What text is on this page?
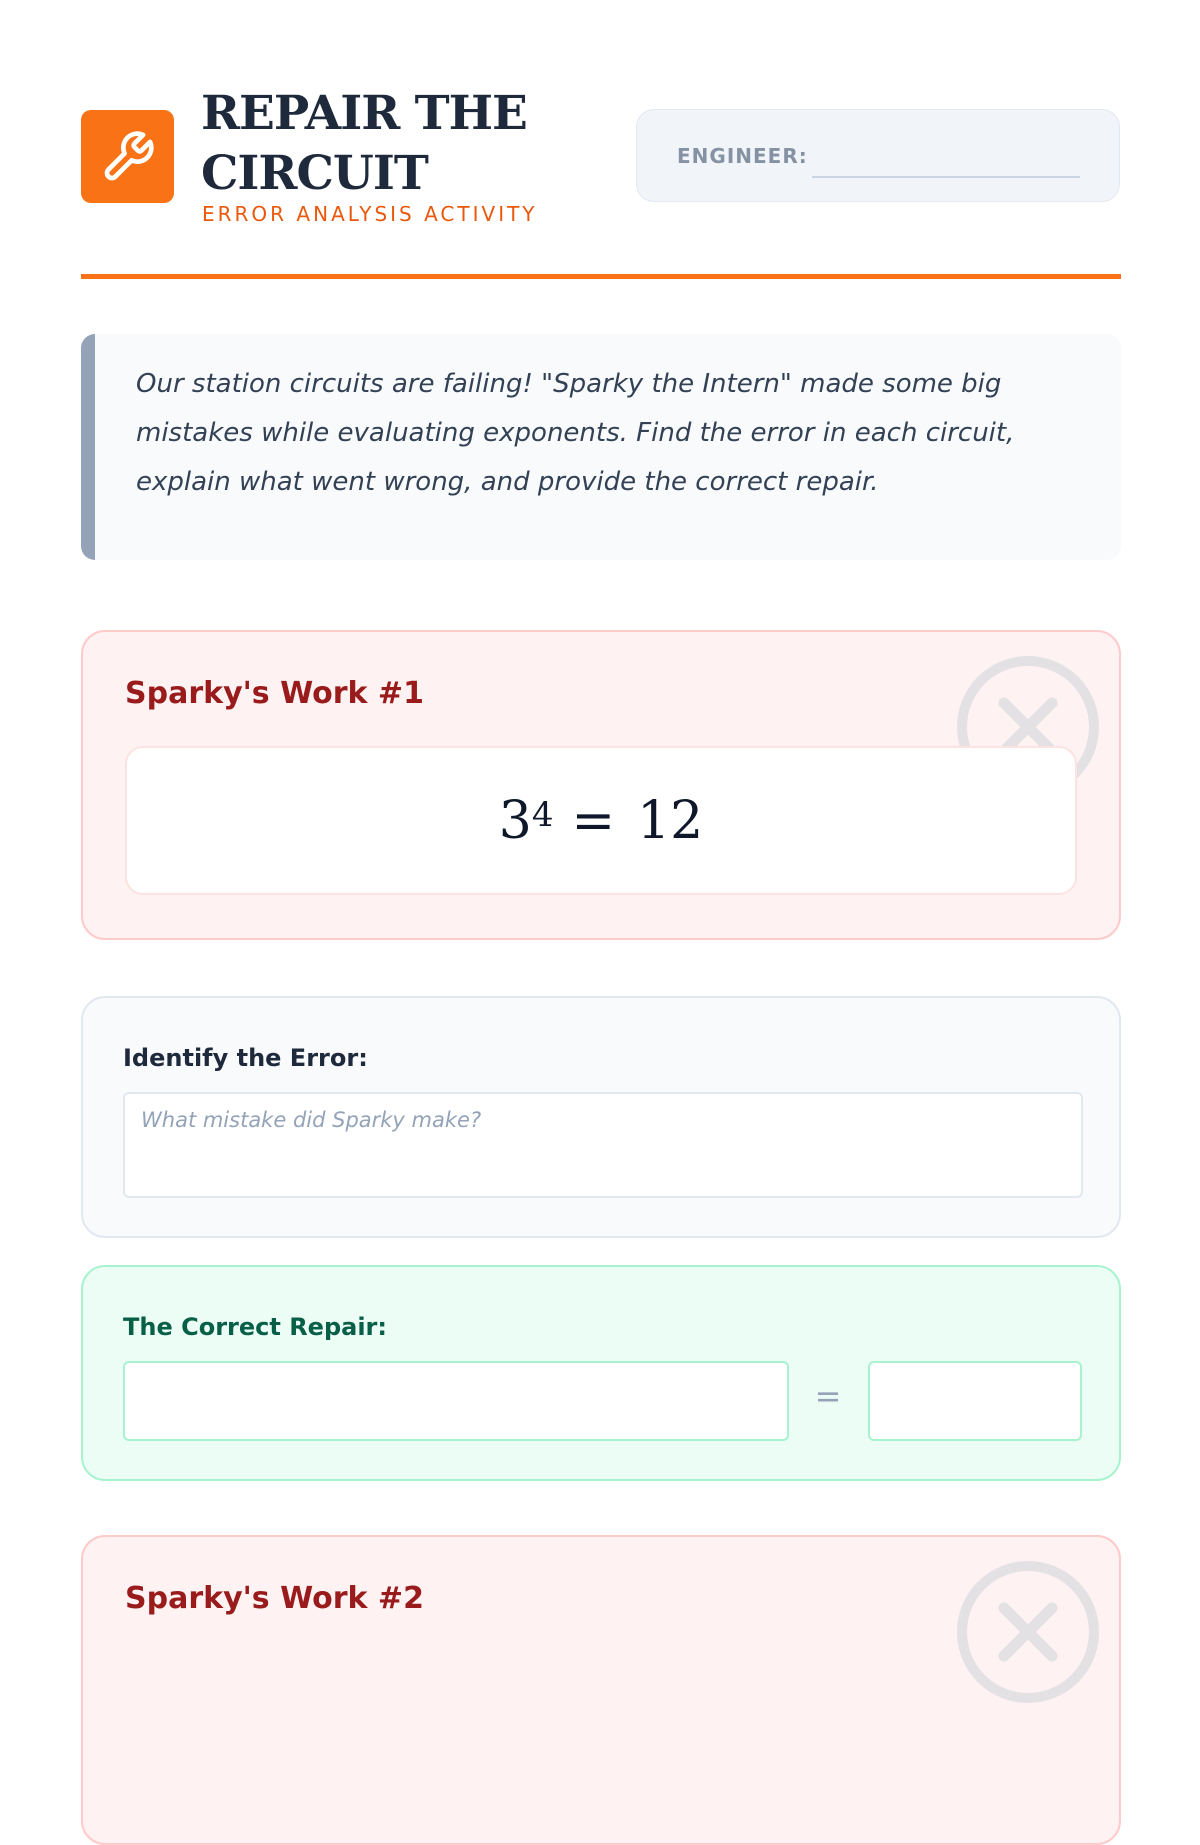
REPAIR THE CIRCUIT
ERROR ANALYSIS ACTIVITY
ENGINEER:
Our station circuits are failing! "Sparky the Intern" made some big mistakes while evaluating exponents. Find the error in each circuit, explain what went wrong, and provide the correct repair.
Sparky's Work #1
$3^4 = 12$
Identify the Error:
What mistake did Sparky make?
The Correct Repair:
=
Sparky's Work #2
